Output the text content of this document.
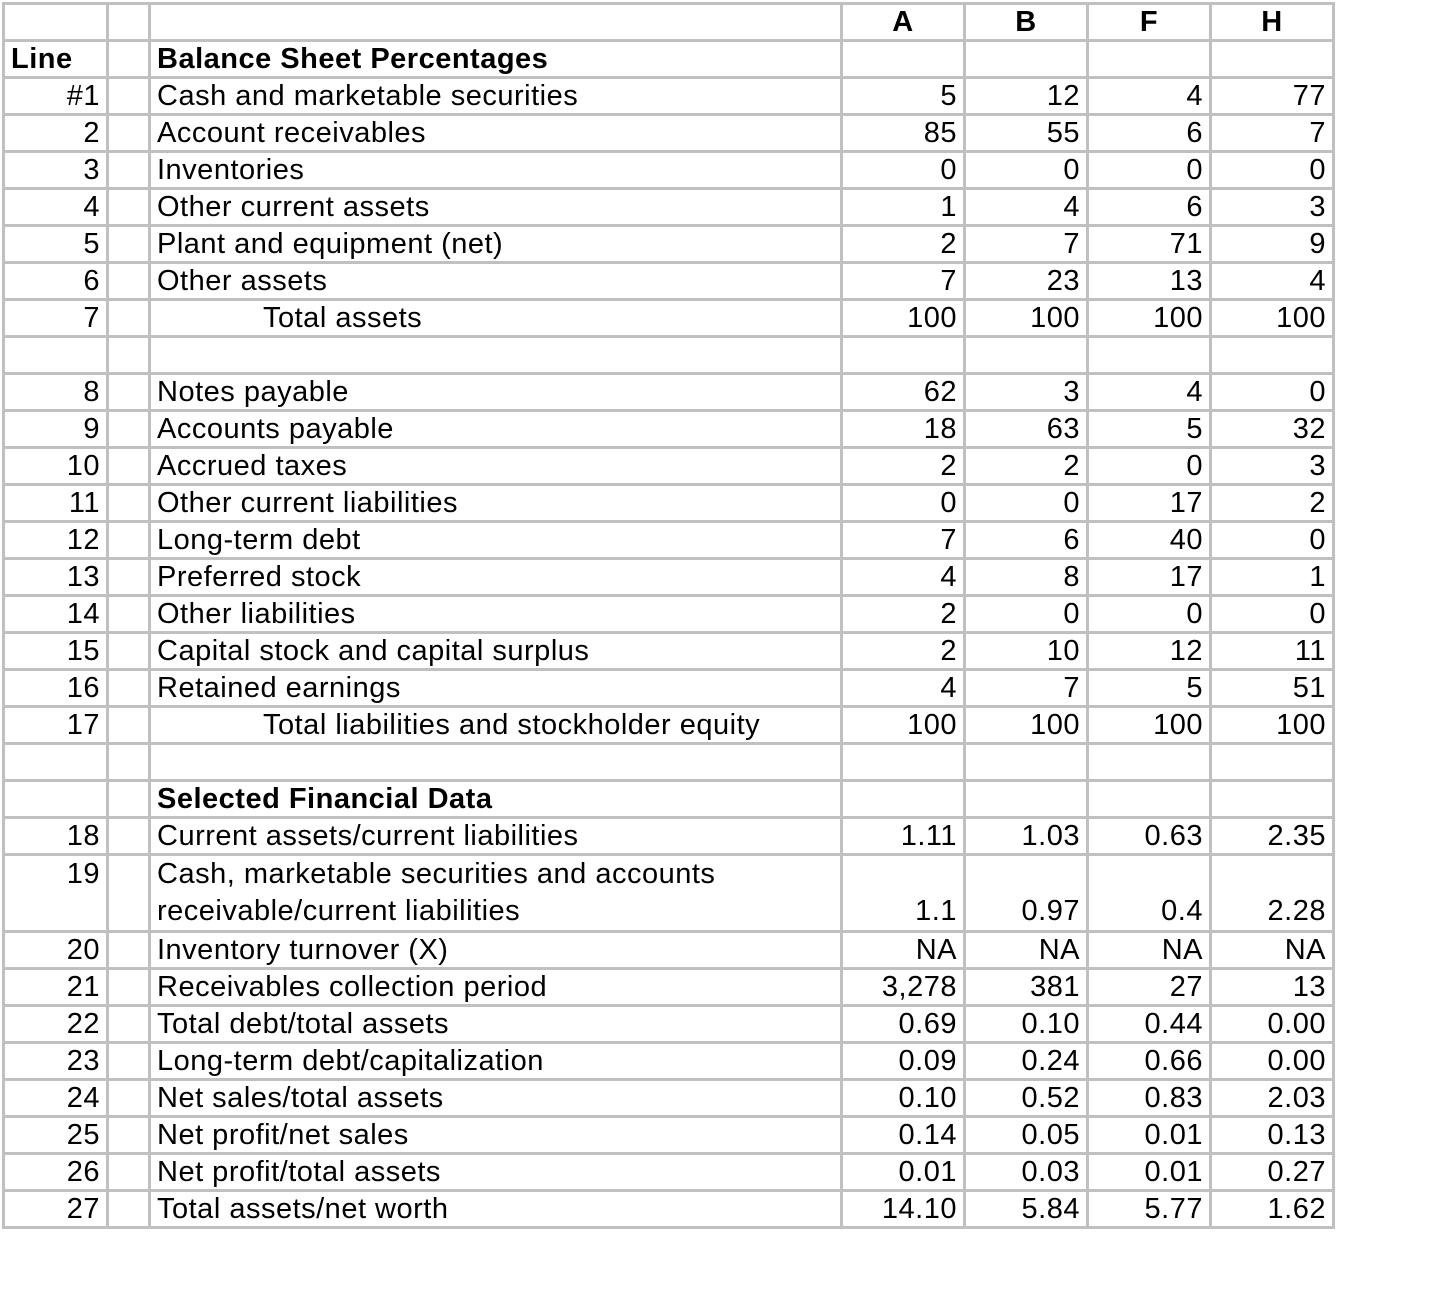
			A	B	F	H
Line		Balance Sheet Percentages				
#1		Cash and marketable securities	5	12	4	77
2		Account receivables	85	55	6	7
3		Inventories	0	0	0	0
4		Other current assets	1	4	6	3
5		Plant and equipment (net)	2	7	71	9
6		Other assets	7	23	13	4
7		Total assets	100	100	100	100

8		Notes payable	62	3	4	0
9		Accounts payable	18	63	5	32
10		Accrued taxes	2	2	0	3
11		Other current liabilities	0	0	17	2
12		Long-term debt	7	6	40	0
13		Preferred stock	4	8	17	1
14		Other liabilities	2	0	0	0
15		Capital stock and capital surplus	2	10	12	11
16		Retained earnings	4	7	5	51
17		Total liabilities and stockholder equity	100	100	100	100

		Selected Financial Data				
18		Current assets/current liabilities	1.11	1.03	0.63	2.35
19		Cash, marketable securities and accounts receivable/current liabilities	1.1	0.97	0.4	2.28
20		Inventory turnover (X)	NA	NA	NA	NA
21		Receivables collection period	3,278	381	27	13
22		Total debt/total assets	0.69	0.10	0.44	0.00
23		Long-term debt/capitalization	0.09	0.24	0.66	0.00
24		Net sales/total assets	0.10	0.52	0.83	2.03
25		Net profit/net sales	0.14	0.05	0.01	0.13
26		Net profit/total assets	0.01	0.03	0.01	0.27
27		Total assets/net worth	14.10	5.84	5.77	1.62
